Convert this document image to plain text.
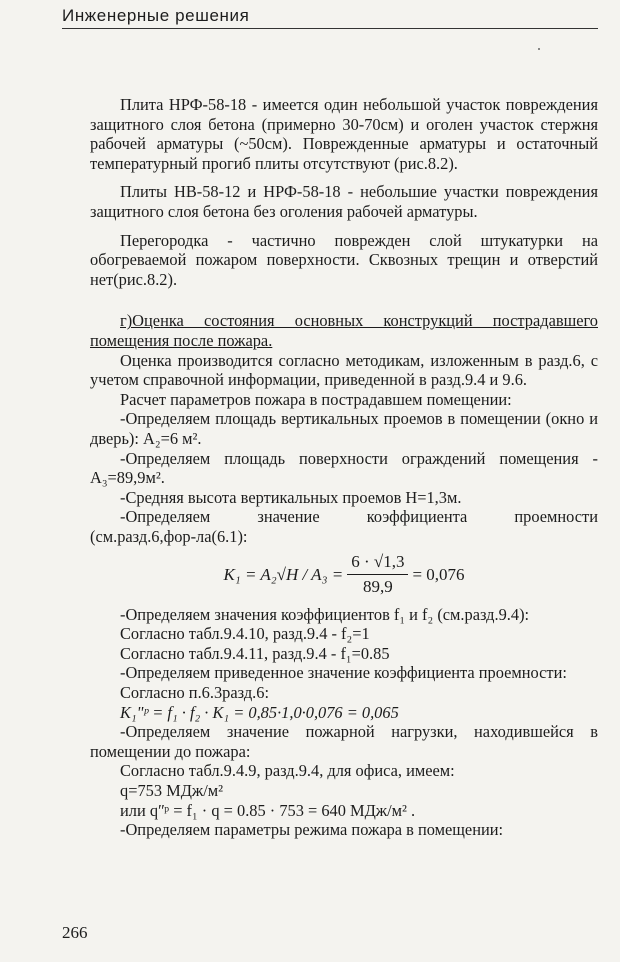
Инженерные решения

Плита НРФ-58-18 - имеется один небольшой участок повреждения защитного слоя бетона (примерно 30-70см) и оголен участок стержня рабочей арматуры (~50см). Поврежденные арматуры и остаточный температурный прогиб плиты отсутствуют (рис.8.2).

Плиты НВ-58-12 и НРФ-58-18 - небольшие участки повреждения защитного слоя бетона без оголения рабочей арматуры.

Перегородка - частично поврежден слой штукатурки на обогреваемой пожаром поверхности. Сквозных трещин и отверстий нет(рис.8.2).

г)Оценка состояния основных конструкций пострадавшего помещения после пожара.

Оценка производится согласно методикам, изложенным в разд.6, с учетом справочной информации, приведенной в разд.9.4 и 9.6.

Расчет параметров пожара в пострадавшем помещении:

-Определяем площадь вертикальных проемов в помещении (окно и дверь): A₂=6 м².

-Определяем площадь поверхности ограждений помещения -A₃=89,9м².

-Средняя высота вертикальных проемов H=1,3м.

-Определяем значение коэффициента проемности

(см.разд.6,фор-ла(6.1):

$K_1 = A_2√H / A_3 = \frac{6 \cdot √1,3}{89,9} = 0,076$

-Определяем значения коэффициентов f₁ и f₂ (см.разд.9.4):

Согласно табл.9.4.10, разд.9.4 - f₂=1

Согласно табл.9.4.11, разд.9.4 - f₁=0.85

-Определяем приведенное значение коэффициента проемности:

Согласно п.6.3разд.6:

K₁ʺᵖ = f₁ · f₂ · K₁ = 0,85·1,0·0,076 = 0,065

-Определяем значение пожарной нагрузки, находившейся в помещении до пожара:

Согласно табл.9.4.9, разд.9.4, для офиса, имеем:

q=753 МДж/м²

или qʺᵖ = f₁ · q = 0.85 · 753 = 640 МДж/м² .

-Определяем параметры режима пожара в помещении:

266
